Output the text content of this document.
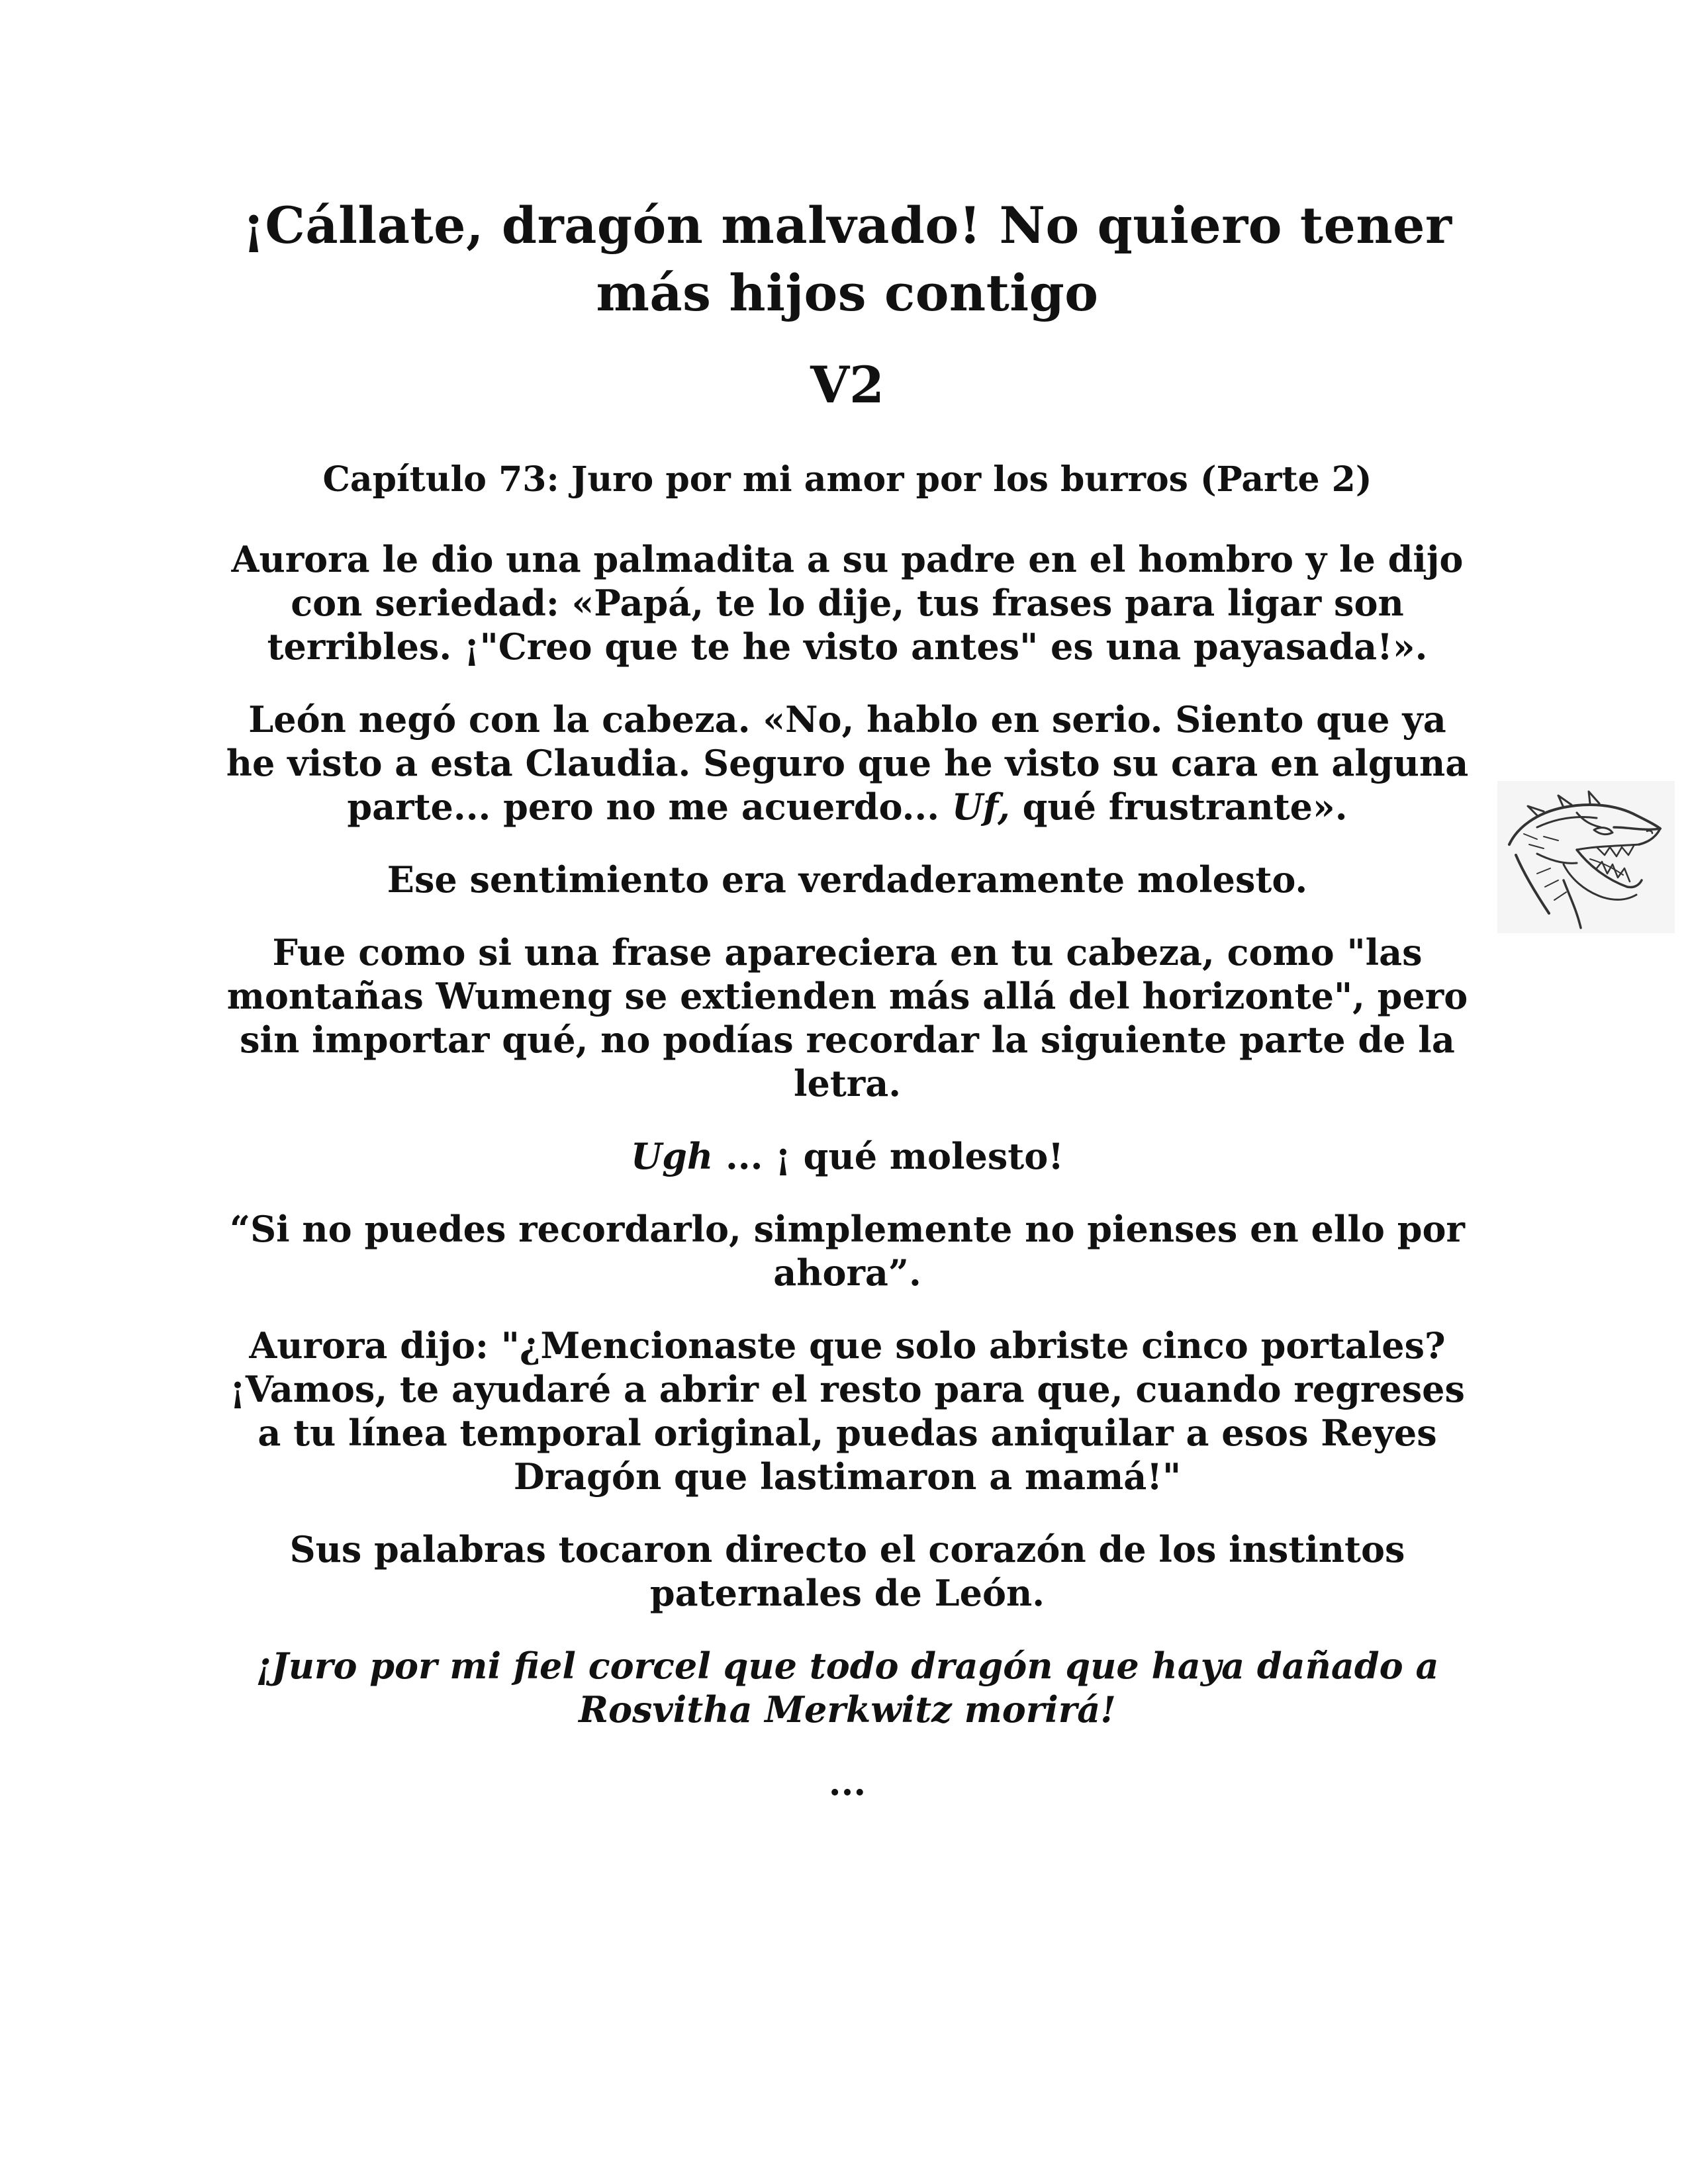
¡Cállate, dragón malvado! No quiero tener
más hijos contigo
V2
Capítulo 73: Juro por mi amor por los burros (Parte 2)

Aurora le dio una palmadita a su padre en el hombro y le dijo con seriedad: «Papá, te lo dije, tus frases para ligar son terribles. ¡"Creo que te he visto antes" es una payasada!».

León negó con la cabeza. «No, hablo en serio. Siento que ya he visto a esta Claudia. Seguro que he visto su cara en alguna parte... pero no me acuerdo... Uf, qué frustrante».

Ese sentimiento era verdaderamente molesto.

Fue como si una frase apareciera en tu cabeza, como "las montañas Wumeng se extienden más allá del horizonte", pero sin importar qué, no podías recordar la siguiente parte de la letra.

Ugh ... ¡ qué molesto!

“Si no puedes recordarlo, simplemente no pienses en ello por ahora”.

Aurora dijo: "¿Mencionaste que solo abriste cinco portales? ¡Vamos, te ayudaré a abrir el resto para que, cuando regreses a tu línea temporal original, puedas aniquilar a esos Reyes Dragón que lastimaron a mamá!"

Sus palabras tocaron directo el corazón de los instintos paternales de León.

¡Juro por mi fiel corcel que todo dragón que haya dañado a Rosvitha Merkwitz morirá!

...
